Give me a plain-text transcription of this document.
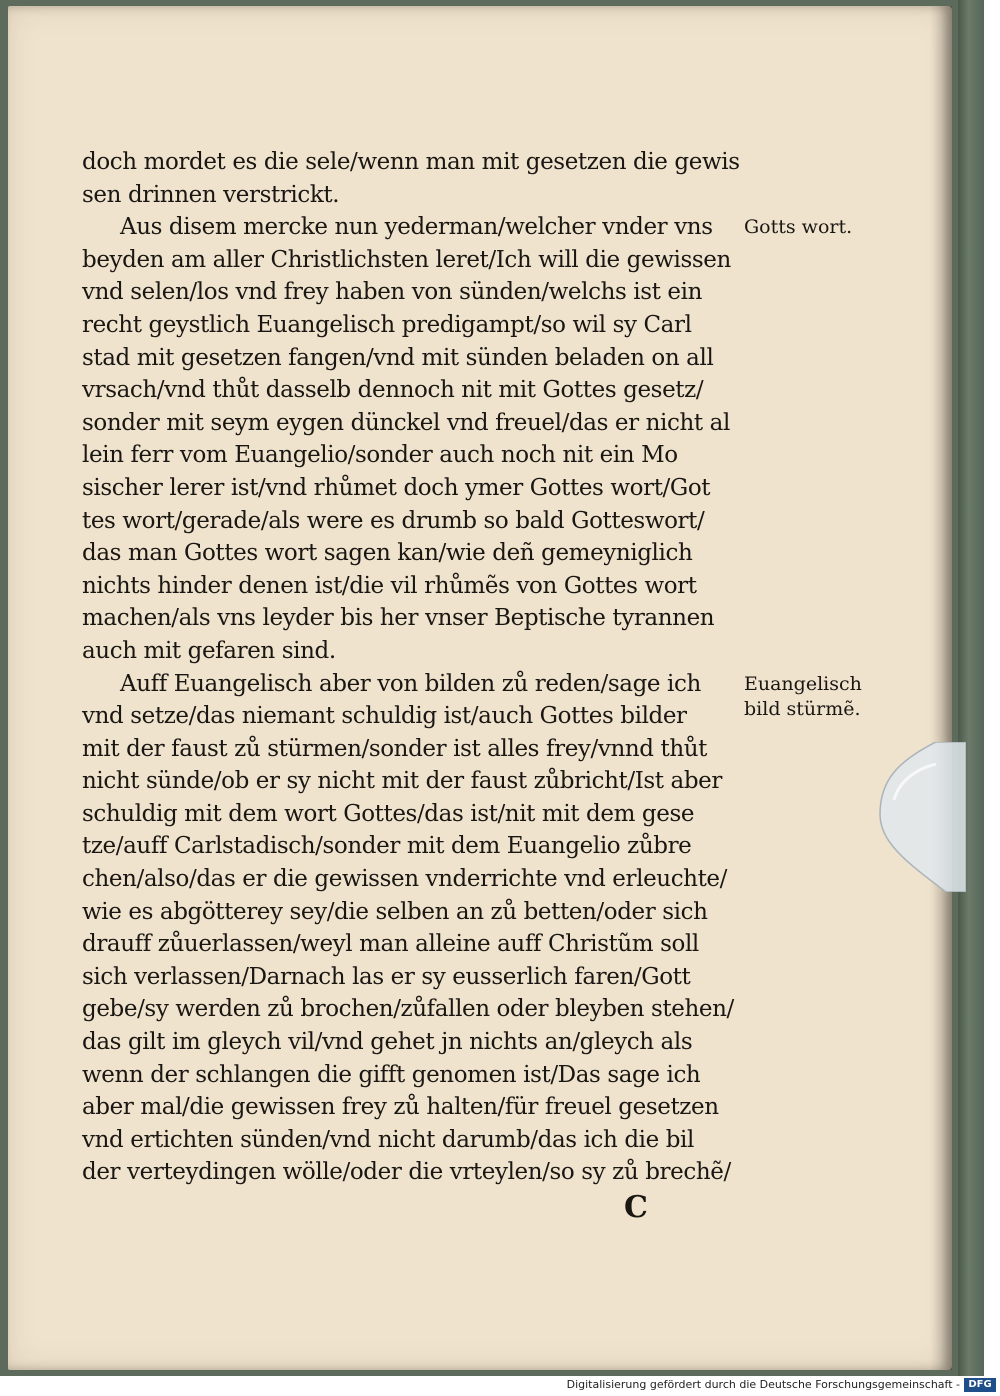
doch mordet es die sele/wenn man mit gesetzen die gewis
sen drinnen verstrickt.
Aus disem mercke nun yederman/welcher vnder vns
beyden am aller Christlichsten leret/Ich will die gewissen
vnd selen/los vnd frey haben von sünden/welchs ist ein
recht geystlich Euangelisch predigampt/so wil sy Carl
stad mit gesetzen fangen/vnd mit sünden beladen on all
vrsach/vnd thůt dasselb dennoch nit mit Gottes gesetz/
sonder mit seym eygen dünckel vnd freuel/das er nicht al
lein ferr vom Euangelio/sonder auch noch nit ein Mo
sischer lerer ist/vnd rhůmet doch ymer Gottes wort/Got
tes wort/gerade/als were es drumb so bald Gotteswort/
das man Gottes wort sagen kan/wie deñ gemeyniglich
nichts hinder denen ist/die vil rhůmẽs von Gottes wort
machen/als vns leyder bis her vnser Beptische tyrannen
auch mit gefaren sind.
Auff Euangelisch aber von bilden zů reden/sage ich
vnd setze/das niemant schuldig ist/auch Gottes bilder
mit der faust zů stürmen/sonder ist alles frey/vnnd thůt
nicht sünde/ob er sy nicht mit der faust zůbricht/Ist aber
schuldig mit dem wort Gottes/das ist/nit mit dem gese
tze/auff Carlstadisch/sonder mit dem Euangelio zůbre
chen/also/das er die gewissen vnderrichte vnd erleuchte/
wie es abgötterey sey/die selben an zů betten/oder sich
drauff zůuerlassen/weyl man alleine auff Christũm soll
sich verlassen/Darnach las er sy eusserlich faren/Gott
gebe/sy werden zů brochen/zůfallen oder bleyben stehen/
das gilt im gleych vil/vnd gehet jn nichts an/gleych als
wenn der schlangen die gifft genomen ist/Das sage ich
aber mal/die gewissen frey zů halten/für freuel gesetzen
vnd ertichten sünden/vnd nicht darumb/das ich die bil
der verteydingen wölle/oder die vrteylen/so sy zů brechẽ/
Gotts wort.
Euangelisch
bild stürmẽ.
C
Digitalisierung gefördert durch die Deutsche Forschungsgemeinschaft - DFG
